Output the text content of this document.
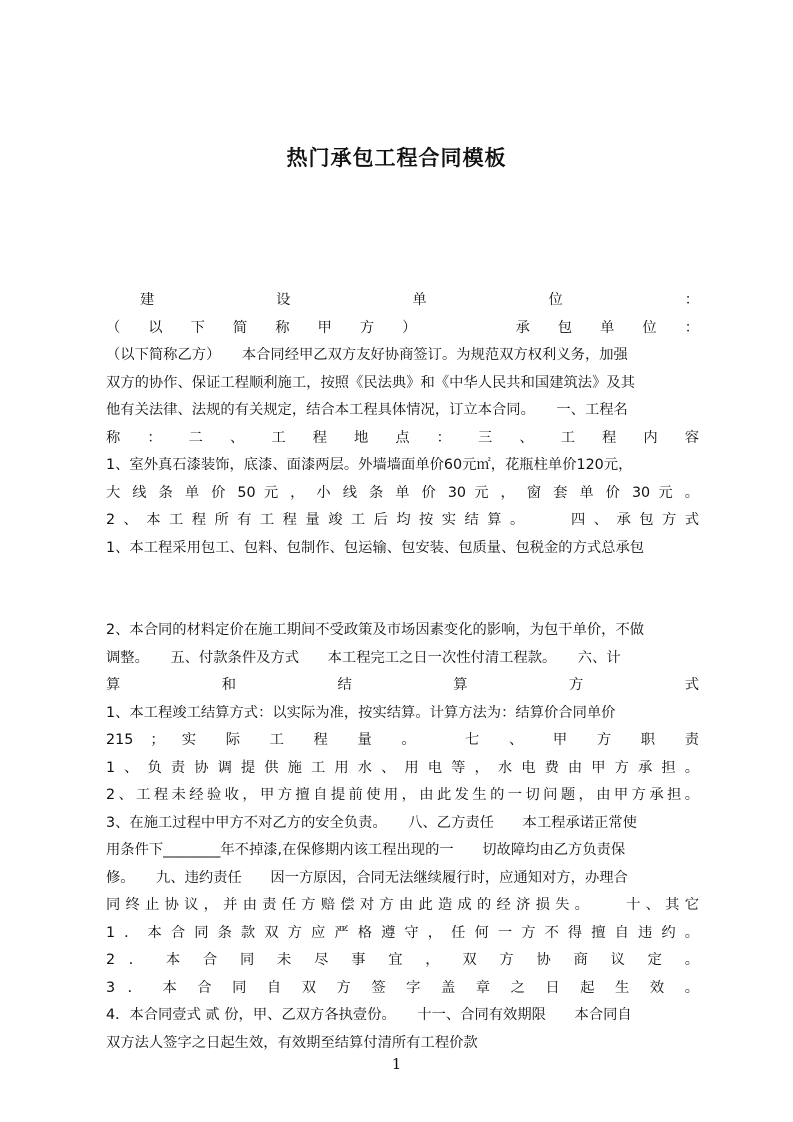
热门承包工程合同模板
建 设 单 位 ：
（ 以 下 简 称 甲 方 ）　　　 承 包 单 位 ：
（以下简称乙方）　　本合同经甲乙双方友好协商签订。为规范双方权利义务，加强
双方的协作、保证工程顺利施工，按照《民法典》和《中华人民共和国建筑法》及其
他有关法律、法规的有关规定，结合本工程具体情况，订立本合同。　　一、工程名
称 ： 二 、 工 程 地 点 ： 三 、 工 程 内 容
1、室外真石漆装饰，底漆、面漆两层。外墙墙面单价60元㎡，花瓶柱单价120元，
大 线 条 单 价 50 元 ， 小 线 条 单 价 30 元 ， 窗 套 单 价 30 元 。
2、本工程所有工程量竣工后均按实结算。　　四、承包方式
1、本工程采用包工、包料、包制作、包运输、包安装、包质量、包税金的方式总承包
2、本合同的材料定价在施工期间不受政策及市场因素变化的影响，为包干单价，不做
调整。　　五、付款条件及方式　　本工程完工之日一次性付清工程款。　　六、计
算 和 结 算 方 式
1、本工程竣工结算方式：以实际为准，按实结算。计算方法为：结算价合同单价
215 ； 实 际 工 程 量 。　 七 、 甲 方 职 责
1、负责协调提供施工用水、用电等，水电费由甲方承担。
2、工程未经验收，甲方擅自提前使用，由此发生的一切问题，由甲方承担。
3、在施工过程中甲方不对乙方的安全负责。　　八、乙方责任　　本工程承诺正常使
用条件下________年不掉漆,在保修期内该工程出现的一　　切故障均由乙方负责保
修。　　九、违约责任　　因一方原因，合同无法继续履行时，应通知对方，办理合
同终止协议，并由责任方赔偿对方由此造成的经济损失。　　十、其它
1．本合同条款双方应严格遵守，任何一方不得擅自违约。
2 ． 本 合 同 未 尽 事 宜 ， 双 方 协 商 议 定 。
3 ． 本 合 同 自 双 方 签 字 盖 章 之 日 起 生 效 。
4．本合同壹式 贰 份，甲、乙双方各执壹份。　　十一、合同有效期限　　本合同自
双方法人签字之日起生效，有效期至结算付清所有工程价款
1
